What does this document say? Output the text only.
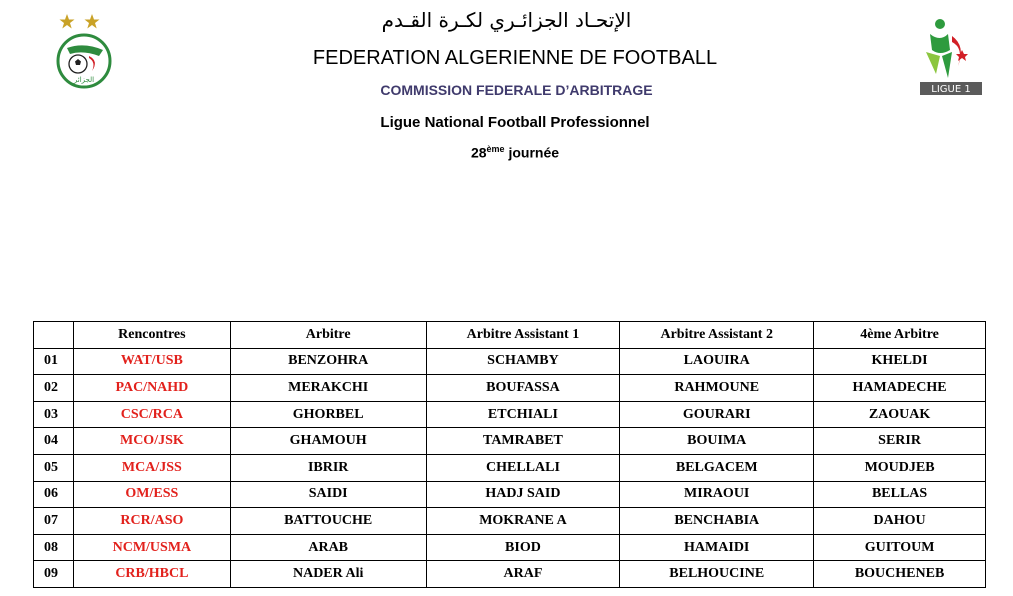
الجزائر
LIGUE 1
الإتحـاد الجزائـري لكـرة القـدم
FEDERATION ALGERIENNE DE FOOTBALL
COMMISSION FEDERALE D’ARBITRAGE
Ligue National Football Professionnel
28ème journée
	Rencontres	Arbitre	Arbitre Assistant 1	Arbitre Assistant 2	4ème Arbitre
01	WAT/USB	BENZOHRA	SCHAMBY	LAOUIRA	KHELDI
02	PAC/NAHD	MERAKCHI	BOUFASSA	RAHMOUNE	HAMADECHE
03	CSC/RCA	GHORBEL	ETCHIALI	GOURARI	ZAOUAK
04	MCO/JSK	GHAMOUH	TAMRABET	BOUIMA	SERIR
05	MCA/JSS	IBRIR	CHELLALI	BELGACEM	MOUDJEB
06	OM/ESS	SAIDI	HADJ SAID	MIRAOUI	BELLAS
07	RCR/ASO	BATTOUCHE	MOKRANE A	BENCHABIA	DAHOU
08	NCM/USMA	ARAB	BIOD	HAMAIDI	GUITOUM
09	CRB/HBCL	NADER Ali	ARAF	BELHOUCINE	BOUCHENEB
